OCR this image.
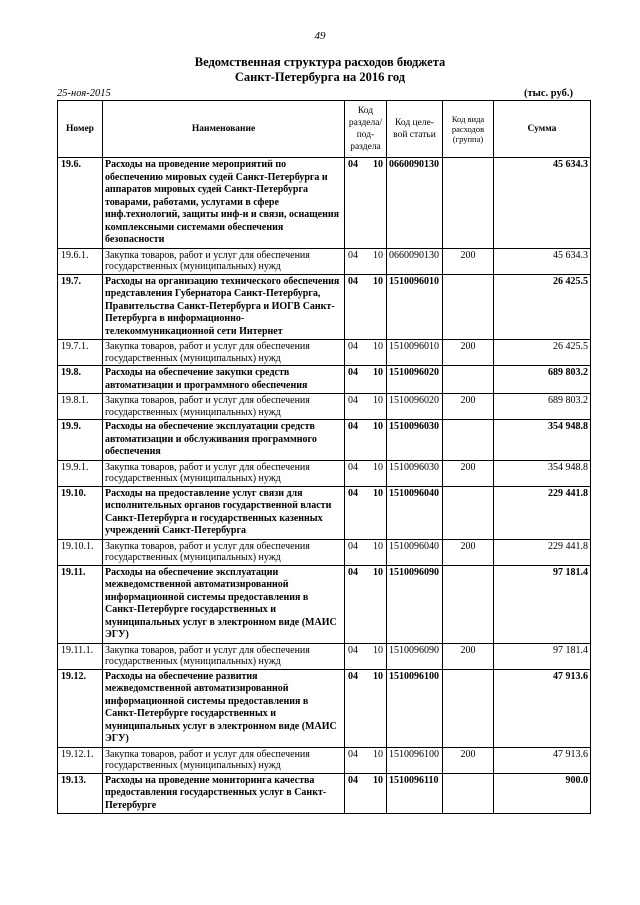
49
Ведомственная структура расходов бюджета
Санкт-Петербурга на 2016 год
25-ноя-2015	(тыс. руб.)
Номер	Наименование	Код раздела/ под-раздела	Код целе-вой статьи	Код вида расходов (группа)	Сумма
19.6.	Расходы на проведение мероприятий по обеспечению мировых судей Санкт-Петербурга и аппаратов мировых судей Санкт-Петербурга товарами, работами, услугами в сфере инф.технологий, защиты инф-и и связи, оснащения комплексными системами обеспечения безопасности	04 10	0660090130		45 634.3
19.6.1.	Закупка товаров, работ и услуг для обеспечения государственных (муниципальных) нужд	04 10	0660090130	200	45 634.3
19.7.	Расходы на организацию технического обеспечения представления Губернатора Санкт-Петербурга, Правительства Санкт-Петербурга и ИОГВ Санкт-Петербурга в информационно-телекоммуникационной сети Интернет	04 10	1510096010		26 425.5
19.7.1.	Закупка товаров, работ и услуг для обеспечения государственных (муниципальных) нужд	04 10	1510096010	200	26 425.5
19.8.	Расходы на обеспечение закупки средств автоматизации и программного обеспечения	04 10	1510096020		689 803.2
19.8.1.	Закупка товаров, работ и услуг для обеспечения государственных (муниципальных) нужд	04 10	1510096020	200	689 803.2
19.9.	Расходы на обеспечение эксплуатации средств автоматизации и обслуживания программного обеспечения	04 10	1510096030		354 948.8
19.9.1.	Закупка товаров, работ и услуг для обеспечения государственных (муниципальных) нужд	04 10	1510096030	200	354 948.8
19.10.	Расходы на предоставление услуг связи для исполнительных органов государственной власти Санкт-Петербурга и государственных казенных учреждений Санкт-Петербурга	04 10	1510096040		229 441.8
19.10.1.	Закупка товаров, работ и услуг для обеспечения государственных (муниципальных) нужд	04 10	1510096040	200	229 441.8
19.11.	Расходы на обеспечение эксплуатации межведомственной автоматизированной информационной системы предоставления в Санкт-Петербурге государственных и муниципальных услуг в электронном виде (МАИС ЭГУ)	04 10	1510096090		97 181.4
19.11.1.	Закупка товаров, работ и услуг для обеспечения государственных (муниципальных) нужд	04 10	1510096090	200	97 181.4
19.12.	Расходы на обеспечение развития межведомственной автоматизированной информационной системы предоставления в Санкт-Петербурге государственных и муниципальных услуг в электронном виде (МАИС ЭГУ)	04 10	1510096100		47 913.6
19.12.1.	Закупка товаров, работ и услуг для обеспечения государственных (муниципальных) нужд	04 10	1510096100	200	47 913.6
19.13.	Расходы на проведение мониторинга качества предоставления государственных услуг в Санкт-Петербурге	04 10	1510096110		900.0
